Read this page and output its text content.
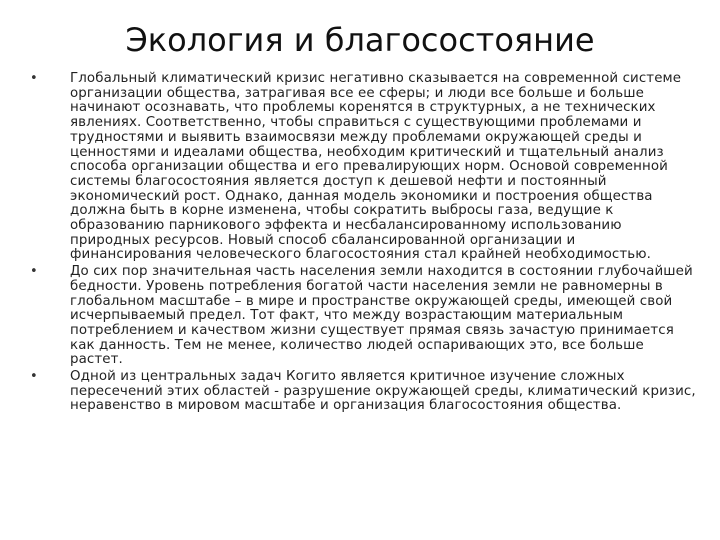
Экология и благосостояние
• Глобальный климатический кризис негативно сказывается на современной системе организации общества, затрагивая все ее сферы; и люди все больше и больше начинают осознавать, что проблемы коренятся в структурных, а не технических явлениях. Соответственно, чтобы справиться с существующими проблемами и трудностями и выявить взаимосвязи между проблемами окружающей среды и ценностями и идеалами общества, необходим критический и тщательный анализ способа организации общества и его превалирующих норм. Основой современной системы благосостояния является доступ к дешевой нефти и постоянный экономический рост. Однако, данная модель экономики и построения общества должна быть в корне изменена, чтобы сократить выбросы газа, ведущие к образованию парникового эффекта и несбалансированному использованию природных ресурсов. Новый способ сбалансированной организации и финансирования человеческого благосостояния стал крайней необходимостью.
• До сих пор значительная часть населения земли находится в состоянии глубочайшей бедности. Уровень потребления богатой части населения земли не равномерны в глобальном масштабе – в мире и пространстве окружающей среды, имеющей свой исчерпываемый предел. Тот факт, что между возрастающим материальным потреблением и качеством жизни существует прямая связь зачастую принимается как данность. Тем не менее, количество людей оспаривающих это, все больше растет.
• Одной из центральных задач Когито является критичное изучение сложных пересечений этих областей - разрушение окружающей среды, климатический кризис, неравенство в мировом масштабе и организация благосостояния общества.
